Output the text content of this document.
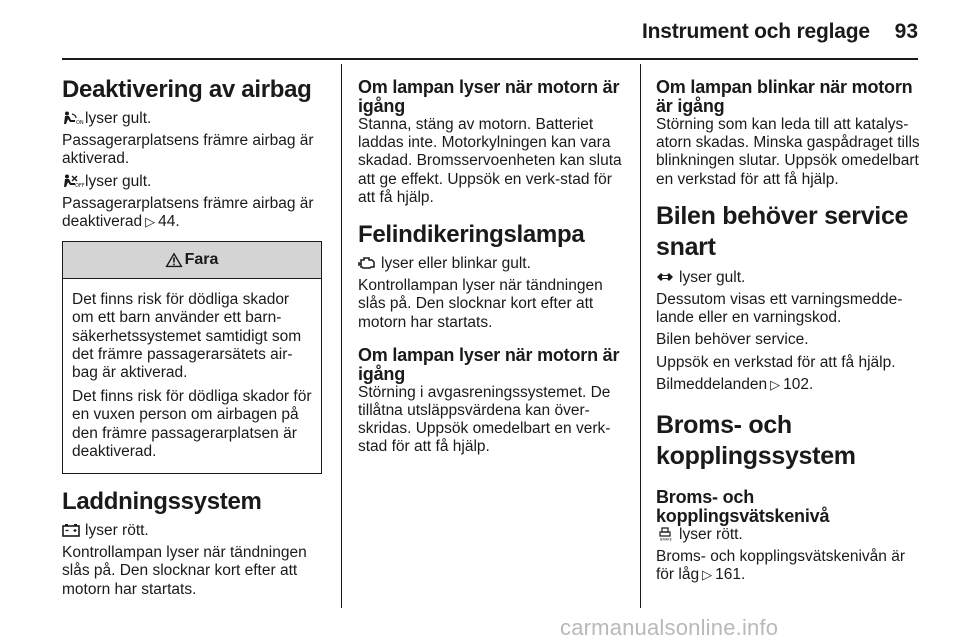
Instrument och reglage 93
Deaktivering av airbag

ON lyser gult.

Passagerarplatsens främre airbag är aktiverad.

OFF lyser gult.

Passagerarplatsens främre airbag är deaktiverad ▷ 44.

Fara

Det finns risk för dödliga skador om ett barn använder ett barn-säkerhetssystemet samtidigt som det främre passagerarsätets air-bag är aktiverad.

Det finns risk för dödliga skador för en vuxen person om airbagen på den främre passagerarplatsen är deaktiverad.

Laddningssystem

lyser rött.

Kontrollampan lyser när tändningen slås på. Den slocknar kort efter att motorn har startats.

Om lampan lyser när motorn är igång

Stanna, stäng av motorn. Batteriet laddas inte. Motorkylningen kan vara skadad. Bromsservoenheten kan sluta att ge effekt. Uppsök en verk-stad för att få hjälp.

Felindikeringslampa

lyser eller blinkar gult.

Kontrollampan lyser när tändningen slås på. Den slocknar kort efter att motorn har startats.

Om lampan lyser när motorn är igång

Störning i avgasreningssystemet. De tillåtna utsläppsvärdena kan över-skridas. Uppsök omedelbart en verk-stad för att få hjälp.

Om lampan blinkar när motorn är igång

Störning som kan leda till att katalys-atorn skadas. Minska gaspådraget tills blinkningen slutar. Uppsök omedelbart en verkstad för att få hjälp.

Bilen behöver service snart

lyser gult.

Dessutom visas ett varningsmedde-lande eller en varningskod.

Bilen behöver service.

Uppsök en verkstad för att få hjälp.

Bilmeddelanden ▷ 102.

Broms- och kopplingssystem
Broms- och kopplingsvätskenivå

BRAKE lyser rött.

Broms- och kopplingsvätskenivån är för låg ▷ 161.

carmanualsonline.info
